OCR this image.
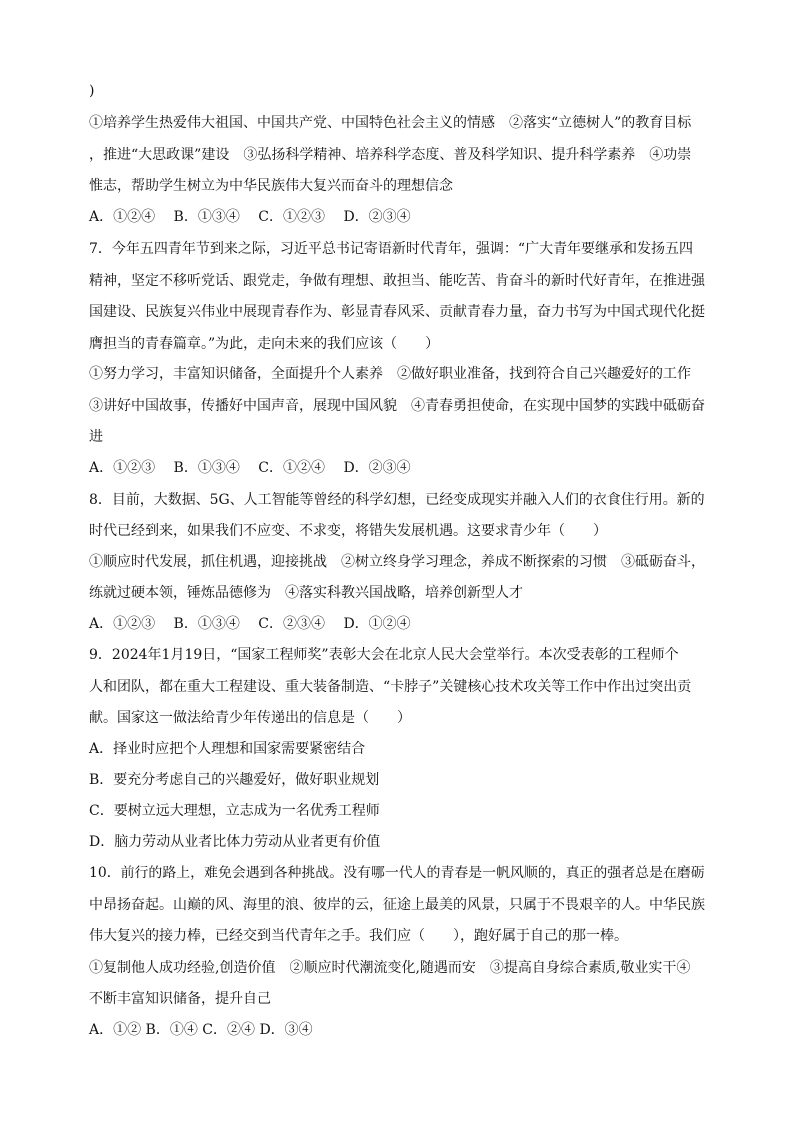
)
①培养学生热爱伟大祖国、中国共产党、中国特色社会主义的情感　②落实“立德树人”的教育目标
，推进“大思政课”建设　③弘扬科学精神、培养科学态度、普及科学知识、提升科学素养　④功崇
惟志，帮助学生树立为中华民族伟大复兴而奋斗的理想信念
A．①②④　 B．①③④　 C．①②③　 D．②③④
7．今年五四青年节到来之际，习近平总书记寄语新时代青年，强调：“广大青年要继承和发扬五四
精神，坚定不移听党话、跟党走，争做有理想、敢担当、能吃苦、肯奋斗的新时代好青年，在推进强
国建设、民族复兴伟业中展现青春作为、彰显青春风采、贡献青春力量，奋力书写为中国式现代化挺
膺担当的青春篇章。”为此，走向未来的我们应该（　　）
①努力学习，丰富知识储备，全面提升个人素养　②做好职业准备，找到符合自己兴趣爱好的工作
③讲好中国故事，传播好中国声音，展现中国风貌　④青春勇担使命，在实现中国梦的实践中砥砺奋
进
A．①②③　 B．①③④　 C．①②④　 D．②③④
8．目前，大数据、5G、人工智能等曾经的科学幻想，已经变成现实并融入人们的衣食住行用。新的
时代已经到来，如果我们不应变、不求变，将错失发展机遇。这要求青少年（　　）
①顺应时代发展，抓住机遇，迎接挑战　②树立终身学习理念，养成不断探索的习惯　③砥砺奋斗，
练就过硬本领，锤炼品德修为　④落实科教兴国战略，培养创新型人才
A．①②③　 B．①③④　 C．②③④　 D．①②④
9．2024年1月19日，“国家工程师奖”表彰大会在北京人民大会堂举行。本次受表彰的工程师个
人和团队，都在重大工程建设、重大装备制造、“卡脖子”关键核心技术攻关等工作中作出过突出贡
献。国家这一做法给青少年传递出的信息是（　　）
A．择业时应把个人理想和国家需要紧密结合
B．要充分考虑自己的兴趣爱好，做好职业规划
C．要树立远大理想，立志成为一名优秀工程师
D．脑力劳动从业者比体力劳动从业者更有价值
10．前行的路上，难免会遇到各种挑战。没有哪一代人的青春是一帆风顺的，真正的强者总是在磨砺
中昂扬奋起。山巅的风、海里的浪、彼岸的云，征途上最美的风景，只属于不畏艰辛的人。中华民族
伟大复兴的接力棒，已经交到当代青年之手。我们应（　　），跑好属于自己的那一棒。
①复制他人成功经验,创造价值　②顺应时代潮流变化,随遇而安　③提高自身综合素质,敬业实干④
不断丰富知识储备，提升自己
A．①② B．①④ C．②④ D．③④
